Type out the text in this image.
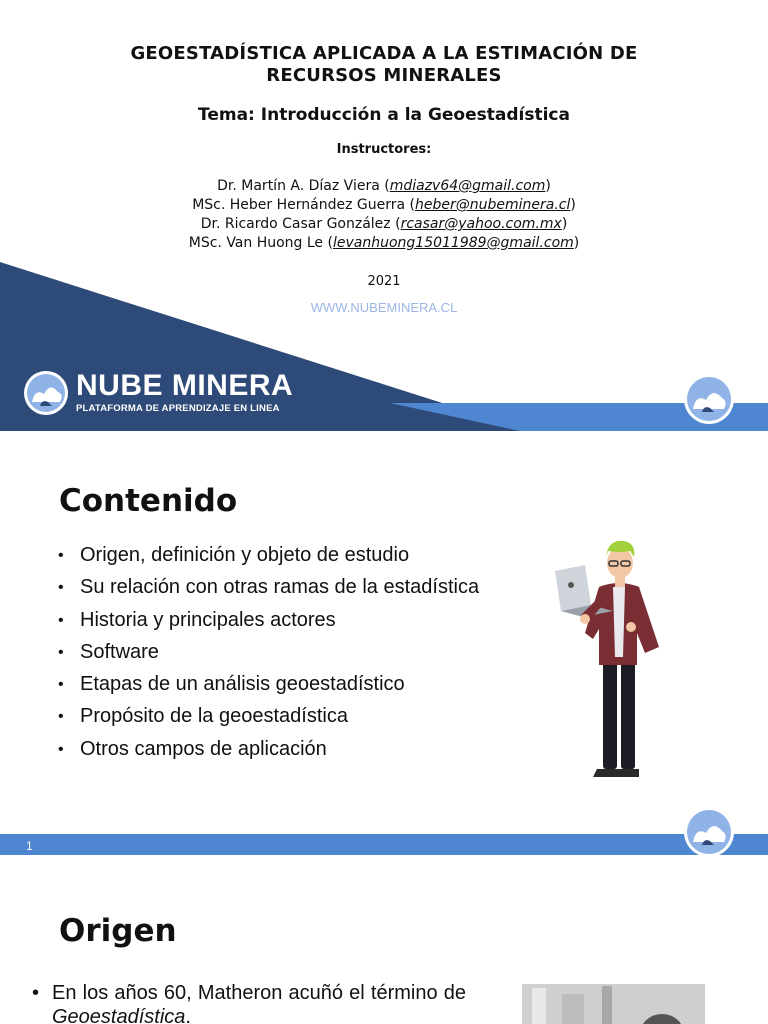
GEOESTADÍSTICA APLICADA A LA ESTIMACIÓN DE
RECURSOS MINERALES
Tema: Introducción a la Geoestadística
Instructores:
Dr. Martín A. Díaz Viera (mdiazv64@gmail.com)
MSc. Heber Hernández Guerra (heber@nubeminera.cl)
Dr. Ricardo Casar González (rcasar@yahoo.com.mx)
MSc. Van Huong Le (levanhuong15011989@gmail.com)
2021
WWW.NUBEMINERA.CL
NUBE MINERA
PLATAFORMA DE APRENDIZAJE EN LINEA
Contenido
• Origen, definición y objeto de estudio
• Su relación con otras ramas de la estadística
• Historia y principales actores
• Software
• Etapas de un análisis geoestadístico
• Propósito de la geoestadística
• Otros campos de aplicación
1
Origen
• En los años 60, Matheron acuñó el término de Geoestadística.
